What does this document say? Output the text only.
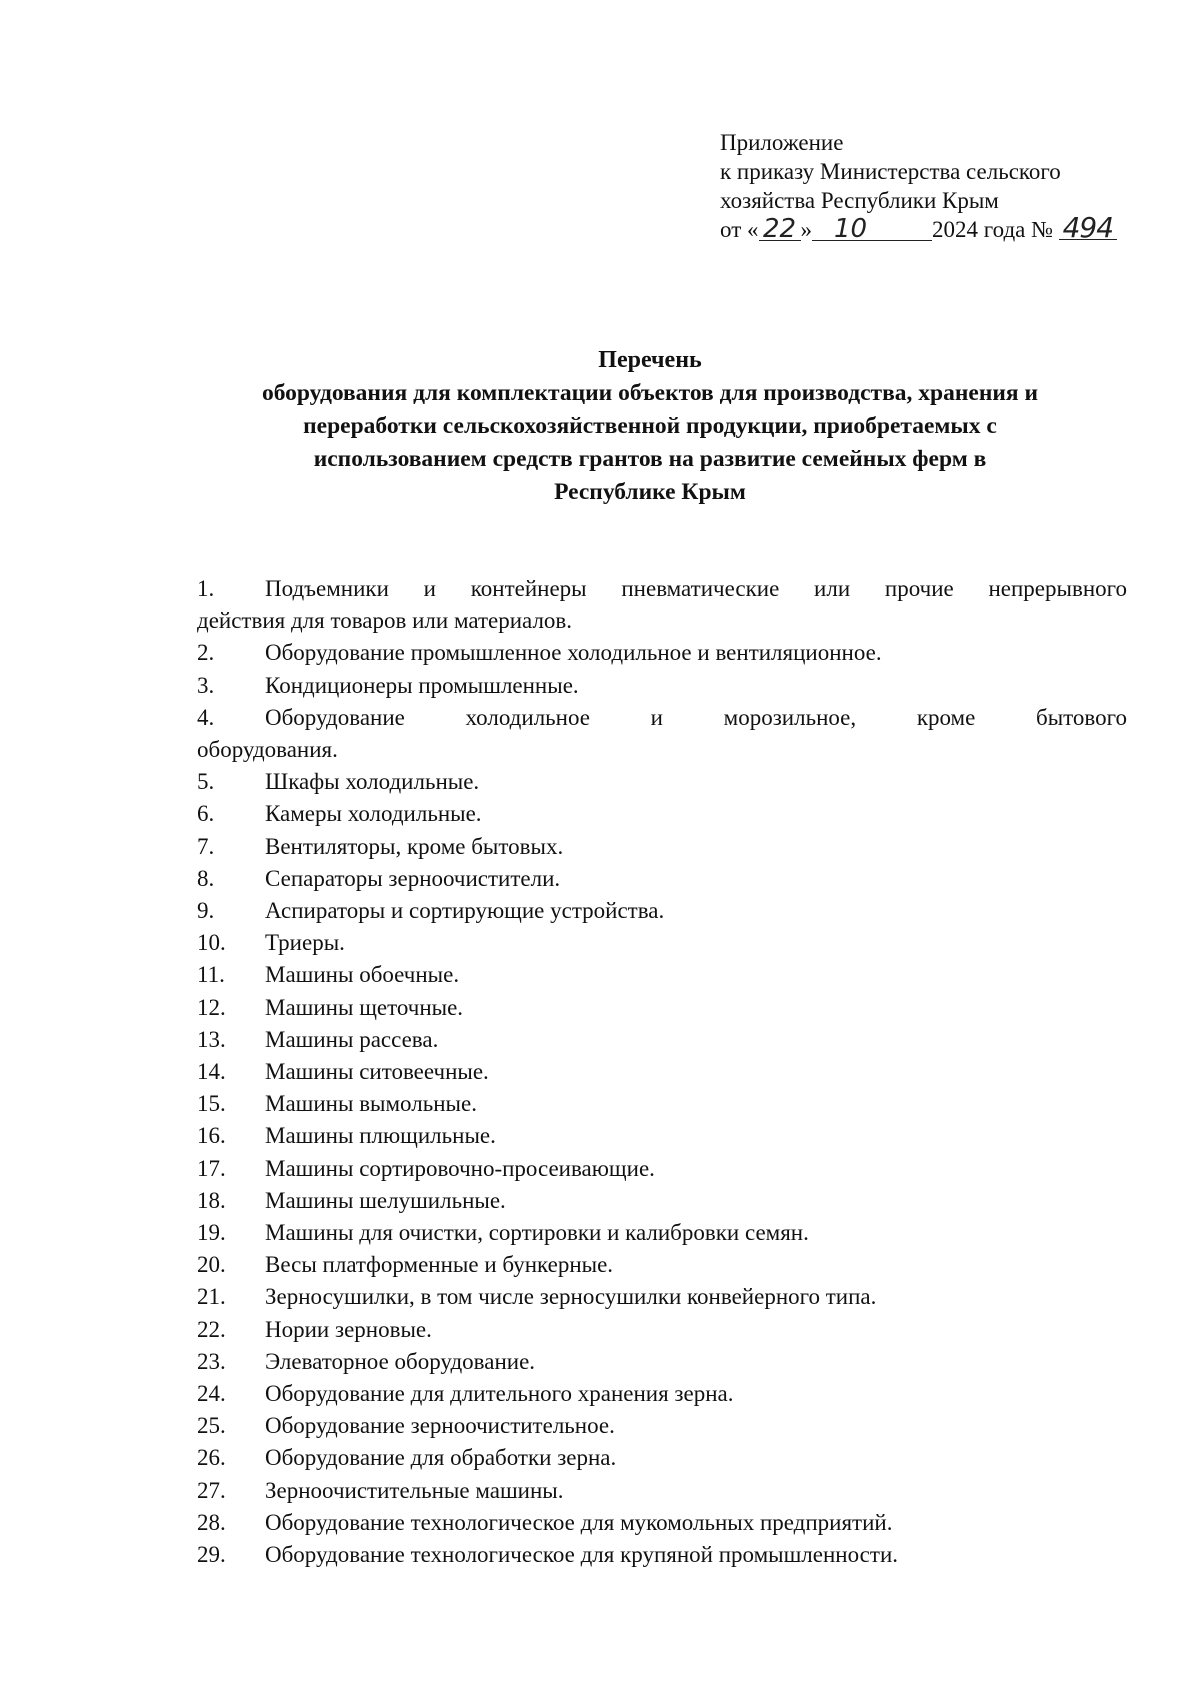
Приложение
к приказу Министерства сельского
хозяйства Республики Крым
от « 22 » 10	2024 года № 494
Перечень
оборудования для комплектации объектов для производства, хранения и
переработки сельскохозяйственной продукции, приобретаемых с
использованием средств грантов на развитие семейных ферм в
Республике Крым
1. Подъемники и контейнеры пневматические или прочие непрерывного
действия для товаров или материалов.
2. Оборудование промышленное холодильное и вентиляционное.
3. Кондиционеры промышленные.
4. Оборудование холодильное и морозильное, кроме бытового
оборудования.
5. Шкафы холодильные.
6. Камеры холодильные.
7. Вентиляторы, кроме бытовых.
8. Сепараторы зерноочистители.
9. Аспираторы и сортирующие устройства.
10. Триеры.
11. Машины обоечные.
12. Машины щеточные.
13. Машины рассева.
14. Машины ситовеечные.
15. Машины вымольные.
16. Машины плющильные.
17. Машины сортировочно-просеивающие.
18. Машины шелушильные.
19. Машины для очистки, сортировки и калибровки семян.
20. Весы платформенные и бункерные.
21. Зерносушилки, в том числе зерносушилки конвейерного типа.
22. Нории зерновые.
23. Элеваторное оборудование.
24. Оборудование для длительного хранения зерна.
25. Оборудование зерноочистительное.
26. Оборудование для обработки зерна.
27. Зерноочистительные машины.
28. Оборудование технологическое для мукомольных предприятий.
29. Оборудование технологическое для крупяной промышленности.
